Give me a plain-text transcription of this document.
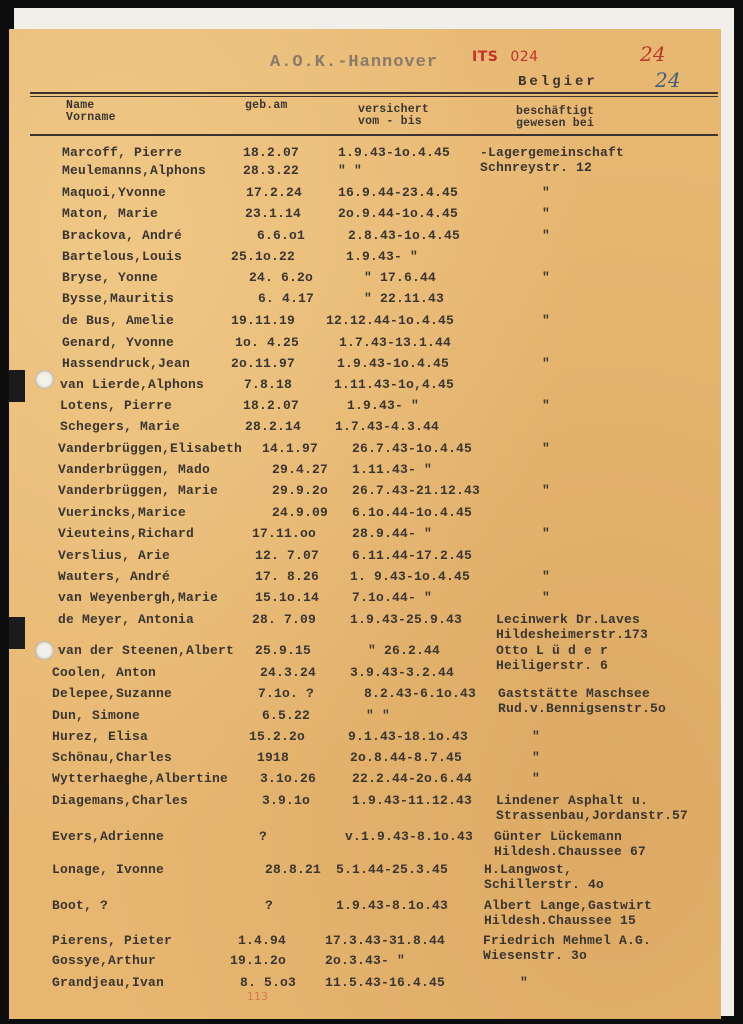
A.O.K.-Hannover ITS 024	24
24
Belgier
Name
Vorname
geb.am	versichert
vom - bis
beschäftigt
gewesen bei
Marcoff, Pierre	18.2.07	1.9.43-1o.4.45 -Lagergemeinschaft
Schnreystr. 12
Meulemanns,Alphons	28.3.22	" "
Maquoi,Yvonne	17.2.24	16.9.44-23.4.45	"
Maton, Marie	23.1.14	2o.9.44-1o.4.45	"
Brackova, André	6.6.o1	2.8.43-1o.4.45	"
Bartelous,Louis	25.1o.22	1.9.43- "
Bryse, Yonne	24. 6.2o	" 17.6.44	"
Bysse,Mauritis	6. 4.17	" 22.11.43
de Bus, Amelie	19.11.19 12.12.44-1o.4.45	"
Genard, Yvonne	1o. 4.25	1.7.43-13.1.44
Hassendruck,Jean	2o.11.97	1.9.43-1o.4.45	"
van Lierde,Alphons	7.8.18	1.11.43-1o,4.45
Lotens, Pierre	18.2.07	1.9.43- "	"
Schegers, Marie	28.2.14	1.7.43-4.3.44
Vanderbrüggen,Elisabeth 14.1.97	26.7.43-1o.4.45	"
Vanderbrüggen, Mado	29.4.27 1.11.43- "
Vanderbrüggen, Marie	29.9.2o 26.7.43-21.12.43	"
Vuerincks,Marice	24.9.09 6.1o.44-1o.4.45
Vieuteins,Richard	17.11.oo	28.9.44- "	"
Verslius, Arie	12. 7.07	6.11.44-17.2.45
Wauters, André	17. 8.26 1. 9.43-1o.4.45	"
van Weyenbergh,Marie	15.1o.14	7.1o.44- "	"
de Meyer, Antonia	28. 7.09	1.9.43-25.9.43	Lecinwerk Dr.Laves
Hildesheimerstr.173
van der Steenen,Albert 25.9.15	" 26.2.44	Otto L ü d e r
Heiligerstr. 6
Coolen, Anton	24.3.24	3.9.43-3.2.44
Delepee,Suzanne	7.1o. ?	8.2.43-6.1o.43 Gaststätte Maschsee
Rud.v.Bennigsenstr.5o
Dun, Simone	6.5.22	" "
Hurez, Elisa	15.2.2o	9.1.43-18.1o.43	"
Schönau,Charles	1918	2o.8.44-8.7.45	"
Wytterhaeghe,Albertine 3.1o.26	22.2.44-2o.6.44	"
Diagemans,Charles	3.9.1o	1.9.43-11.12.43 Lindener Asphalt u.
Strassenbau,Jordanstr.57
Evers,Adrienne	?	v.1.9.43-8.1o.43 Günter Lückemann
Hildesh.Chaussee 67
Lonage, Ivonne	28.8.21 5.1.44-25.3.45	H.Langwost,
Schillerstr. 4o
Boot, ?	?	1.9.43-8.1o.43	Albert Lange,Gastwirt
Hildesh.Chaussee 15
Pierens, Pieter	1.4.94	17.3.43-31.8.44	Friedrich Mehmel A.G.
Wiesenstr. 3o
Gossye,Arthur	19.1.2o	2o.3.43- "
Grandjeau,Ivan	8. 5.o3 11.5.43-16.4.45	"
113
